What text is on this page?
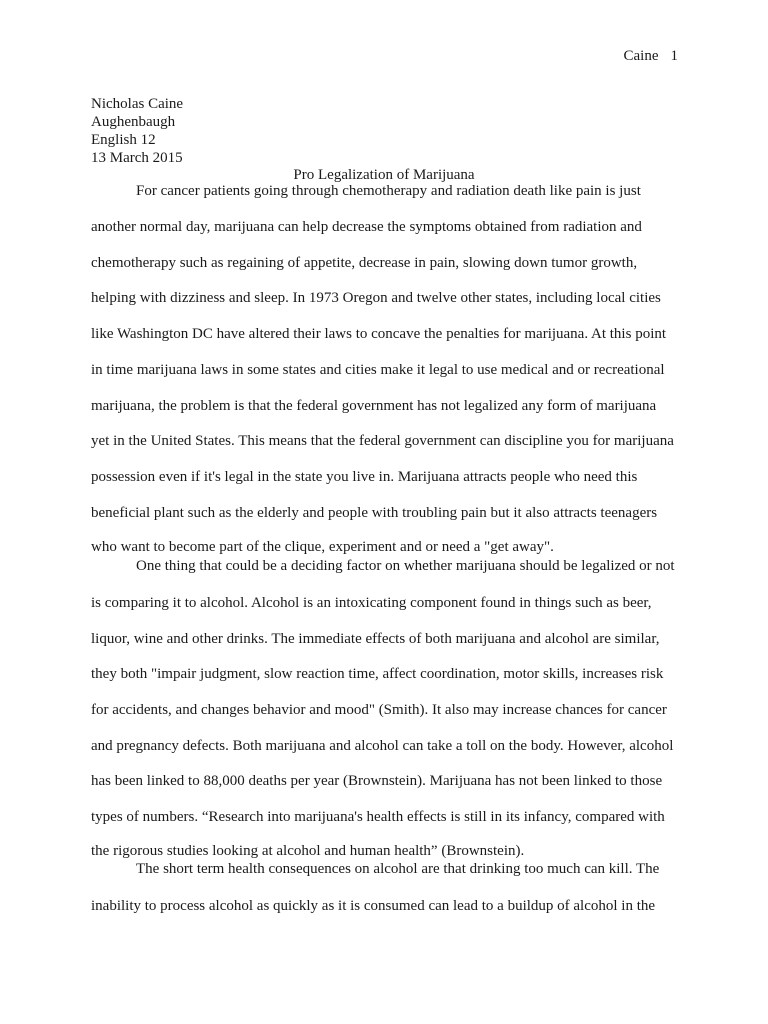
Caine 1
Nicholas Caine
Aughenbaugh
English 12
13 March 2015
Pro Legalization of Marijuana
For cancer patients going through chemotherapy and radiation death like pain is just
another normal day, marijuana can help decrease the symptoms obtained from radiation and
chemotherapy such as regaining of appetite, decrease in pain, slowing down tumor growth,
helping with dizziness and sleep. In 1973 Oregon and twelve other states, including local cities
like Washington DC have altered their laws to concave the penalties for marijuana. At this point
in time marijuana laws in some states and cities make it legal to use medical and or recreational
marijuana, the problem is that the federal government has not legalized any form of marijuana
yet in the United States. This means that the federal government can discipline you for marijuana
possession even if it's legal in the state you live in. Marijuana attracts people who need this
beneficial plant such as the elderly and people with troubling pain but it also attracts teenagers
who want to become part of the clique, experiment and or need a "get away".
One thing that could be a deciding factor on whether marijuana should be legalized or not
is comparing it to alcohol. Alcohol is an intoxicating component found in things such as beer,
liquor, wine and other drinks. The immediate effects of both marijuana and alcohol are similar,
they both "impair judgment, slow reaction time, affect coordination, motor skills, increases risk
for accidents, and changes behavior and mood" (Smith). It also may increase chances for cancer
and pregnancy defects. Both marijuana and alcohol can take a toll on the body. However, alcohol
has been linked to 88,000 deaths per year (Brownstein). Marijuana has not been linked to those
types of numbers. “Research into marijuana's health effects is still in its infancy, compared with
the rigorous studies looking at alcohol and human health” (Brownstein).
The short term health consequences on alcohol are that drinking too much can kill. The
inability to process alcohol as quickly as it is consumed can lead to a buildup of alcohol in the
